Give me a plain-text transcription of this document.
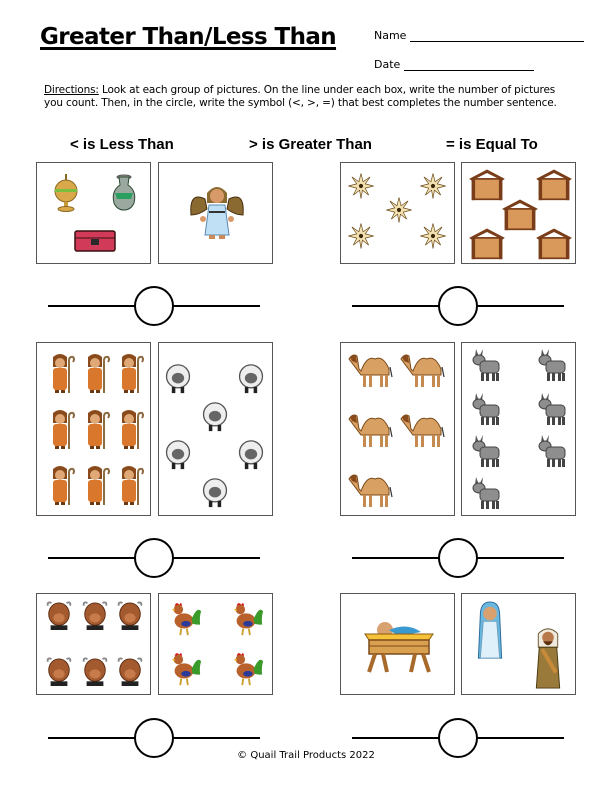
Greater Than/Less Than	Name
Date
Directions: Look at each group of pictures. On the line under each box, write the number of pictures you count. Then, in the circle, write the symbol (<, >, =) that best completes the number sentence.
< is Less Than	> is Greater Than	= is Equal To
© Quail Trail Products 2022
